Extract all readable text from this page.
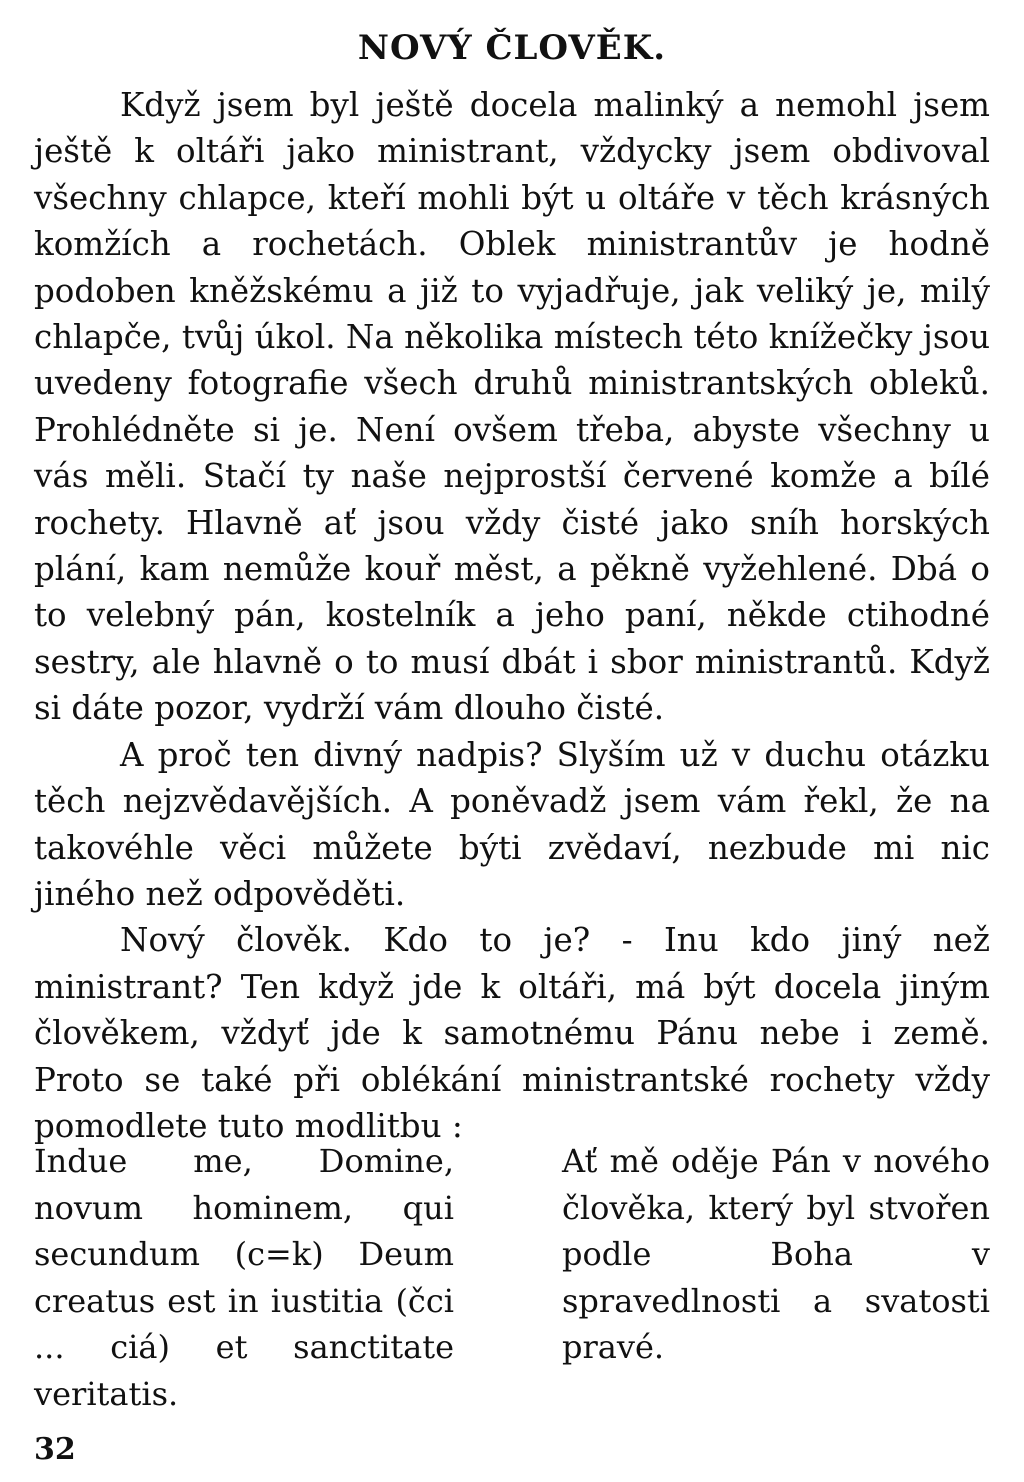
NOVÝ ČLOVĚK.

Když jsem byl ještě docela malinký a nemohl jsem ještě k oltáři jako ministrant, vždycky jsem obdivoval všechny chlapce, kteří mohli být u oltáře v těch krásných komžích a rochetách. Oblek ministrantův je hodně podoben kněžskému a již to vyjadřuje, jak veliký je, milý chlapče, tvůj úkol. Na několika místech této knížečky jsou uvedeny fotografie všech druhů ministrantských obleků. Prohlédněte si je. Není ovšem třeba, abyste všechny u vás měli. Stačí ty naše nejprostší červené komže a bílé rochety. Hlavně ať jsou vždy čisté jako sníh horských plání, kam nemůže kouř měst, a pěkně vyžehlené. Dbá o to velebný pán, kostelník a jeho paní, někde ctihodné sestry, ale hlavně o to musí dbát i sbor ministrantů. Když si dáte pozor, vydrží vám dlouho čisté.

A proč ten divný nadpis? Slyším už v duchu otázku těch nejzvědavějších. A poněvadž jsem vám řekl, že na takovéhle věci můžete býti zvědaví, nezbude mi nic jiného než odpověděti.

Nový člověk. Kdo to je? - Inu kdo jiný než ministrant? Ten když jde k oltáři, má být docela jiným člověkem, vždyť jde k samotnému Pánu nebe i země. Proto se také při oblékání ministrantské rochety vždy pomodlete tuto modlitbu :

Indue me, Domine, novum hominem, qui secundum (c=k) Deum creatus est in iustitia (čci ... ciá) et sanctitate veritatis.
Ať mě oděje Pán v nového člověka, který byl stvořen podle Boha v spravedlnosti a svatosti pravé.
32
